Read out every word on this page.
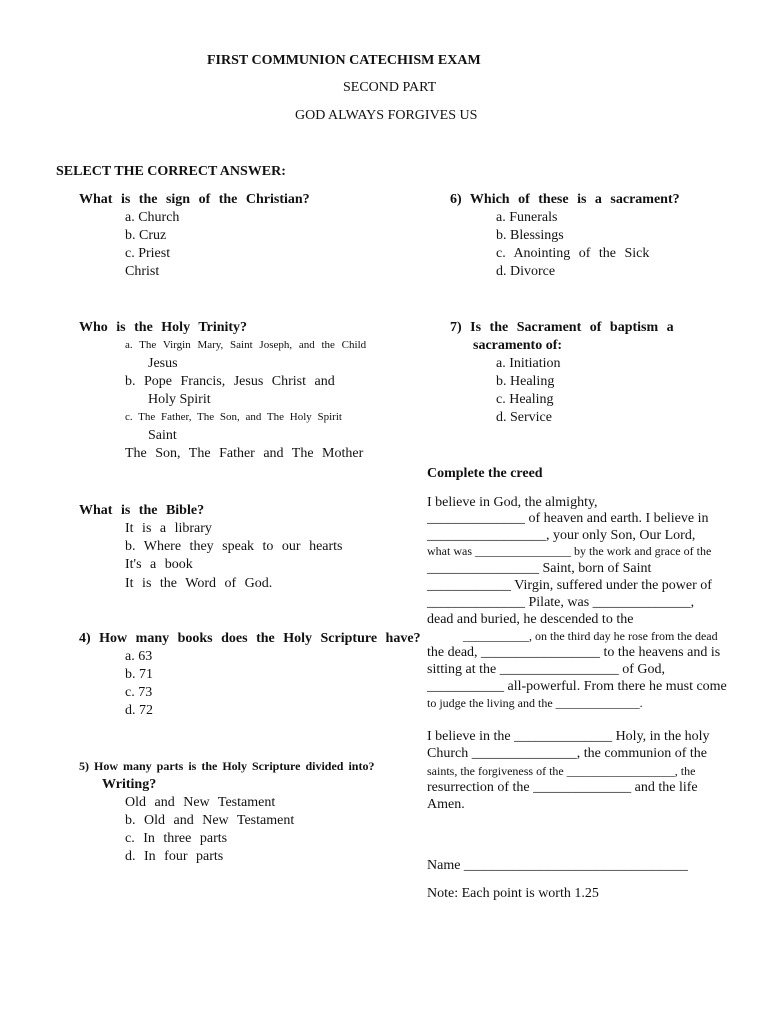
FIRST COMMUNION CATECHISM EXAM
SECOND PART
GOD ALWAYS FORGIVES US
SELECT THE CORRECT ANSWER:
What is the sign of the Christian?
a. Church
b. Cruz
c. Priest
Christ
Who is the Holy Trinity?
a. The Virgin Mary, Saint Joseph, and the Child
Jesus
b. Pope Francis, Jesus Christ and
Holy Spirit
c. The Father, The Son, and The Holy Spirit
Saint
The Son, The Father and The Mother
What is the Bible?
It is a library
b. Where they speak to our hearts
It's a book
It is the Word of God.
4) How many books does the Holy Scripture have?
a. 63
b. 71
c. 73
d. 72
5) How many parts is the Holy Scripture divided into?
Writing?
Old and New Testament
b. Old and New Testament
c. In three parts
d. In four parts
6) Which of these is a sacrament?
a. Funerals
b. Blessings
c. Anointing of the Sick
d. Divorce
7) Is the Sacrament of baptism a
sacramento of:
a. Initiation
b. Healing
c. Healing
d. Service
Complete the creed
I believe in God, the almighty,
______________ of heaven and earth. I believe in
_________________, your only Son, Our Lord,
what was ________________ by the work and grace of the
________________ Saint, born of Saint
____________ Virgin, suffered under the power of
______________ Pilate, was ______________,
dead and buried, he descended to the
___________, on the third day he rose from the dead
the dead, _________________ to the heavens and is
sitting at the _________________ of God,
___________ all-powerful. From there he must come
to judge the living and the ______________.
I believe in the ______________ Holy, in the holy
Church _______________, the communion of the
saints, the forgiveness of the __________________, the
resurrection of the ______________ and the life
Amen.
Name ________________________________
Note: Each point is worth 1.25
